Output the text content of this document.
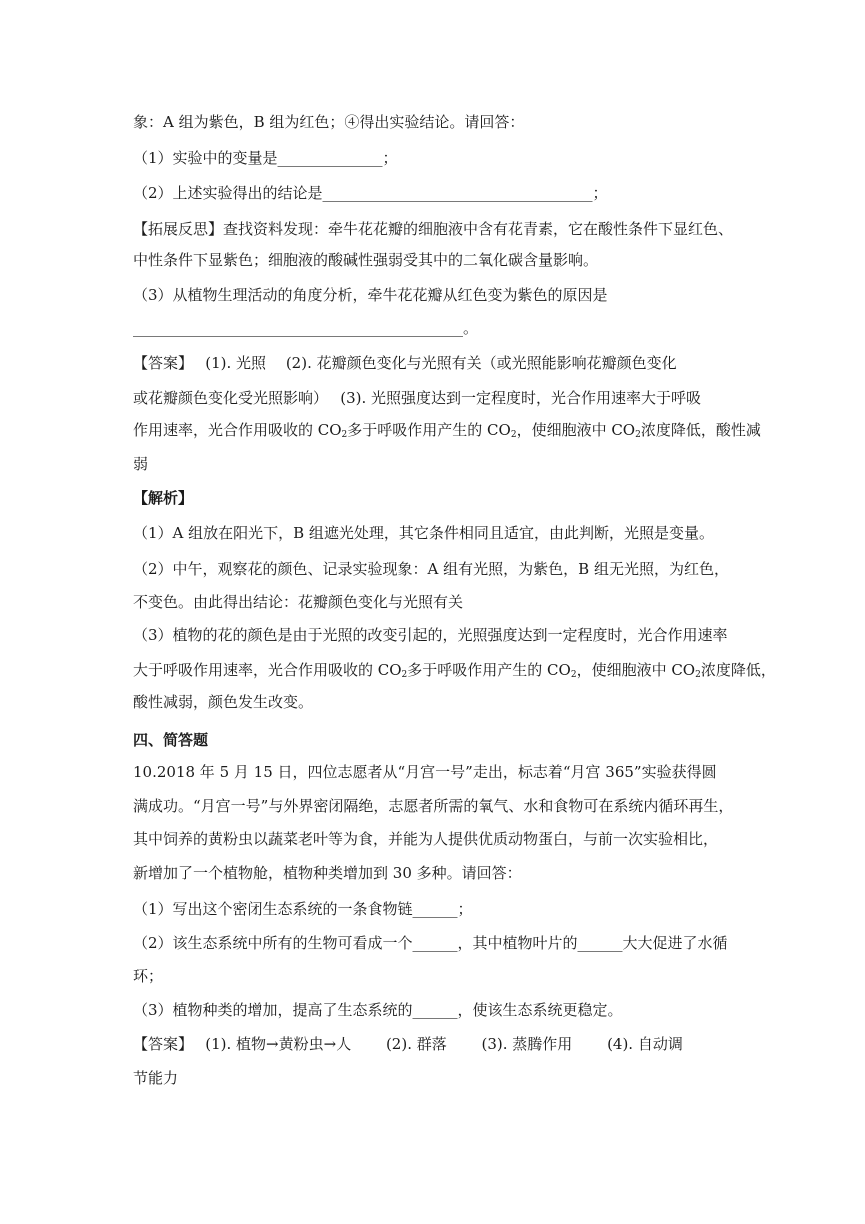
象：A 组为紫色，B 组为红色；④得出实验结论。请回答：
（1）实验中的变量是______________；
（2）上述实验得出的结论是____________________________________；
【拓展反思】查找资料发现：牵牛花花瓣的细胞液中含有花青素，它在酸性条件下显红色、
中性条件下显紫色；细胞液的酸碱性强弱受其中的二氧化碳含量影响。
（3）从植物生理活动的角度分析，牵牛花花瓣从红色变为紫色的原因是
____________________________________________。
【答案】　 (1). 光照　 (2). 花瓣颜色变化与光照有关（或光照能影响花瓣颜色变化
或花瓣颜色变化受光照影响）　 (3). 光照强度达到一定程度时，光合作用速率大于呼吸
作用速率，光合作用吸收的 $CO_2$多于呼吸作用产生的 $CO_2$，使细胞液中 $CO_2$浓度降低，酸性减
弱
【解析】
（1）A 组放在阳光下，B 组遮光处理，其它条件相同且适宜，由此判断，光照是变量。
（2）中午，观察花的颜色、记录实验现象：A 组有光照，为紫色，B 组无光照，为红色，
不变色。由此得出结论：花瓣颜色变化与光照有关
（3）植物的花的颜色是由于光照的改变引起的，光照强度达到一定程度时，光合作用速率
大于呼吸作用速率，光合作用吸收的 $CO_2$多于呼吸作用产生的 $CO_2$，使细胞液中 $CO_2$浓度降低，
酸性减弱，颜色发生改变。
四、简答题
10.2018 年 5 月 15 日，四位志愿者从“月宫一号”走出，标志着“月宫 365”实验获得圆
满成功。“月宫一号”与外界密闭隔绝，志愿者所需的氧气、水和食物可在系统内循环再生，
其中饲养的黄粉虫以蔬菜老叶等为食，并能为人提供优质动物蛋白，与前一次实验相比，
新增加了一个植物舱，植物种类增加到 30 多种。请回答：
（1）写出这个密闭生态系统的一条食物链______；
（2）该生态系统中所有的生物可看成一个______，其中植物叶片的______大大促进了水循
环；
（3）植物种类的增加，提高了生态系统的______，使该生态系统更稳定。
【答案】　 (1). 植物→黄粉虫→人　　 (2). 群落　　 (3). 蒸腾作用　　 (4). 自动调
节能力
